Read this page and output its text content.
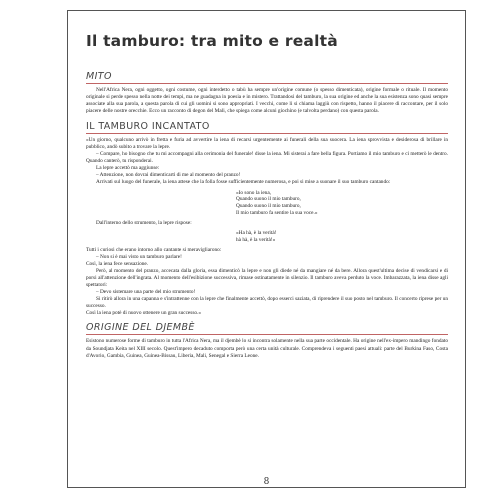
Il tamburo: tra mito e realtà
MITO

Nell'Africa Nera, ogni oggetto, ogni costume, ogni interdetto o tabù ha sempre un'origine comune (o spesso dimenticata), origine formale o rituale. Il momento originale si perde spesso nella notte dei tempi, ma ne guadagna in poesia e in mistero. Trattandosi del tamburo, la sua origine ed anche la sua esistenza sono quasi sempre associate alla sua parola, a questa parola di cui gli uomini si sono appropriati. I vecchi, come li si chiama laggiù con rispetto, hanno il piacere di raccontare, per il solo piacere delle nostre orecchie. Ecco un racconto di degon del Mali, che spiega come alcuni giochino (e talvolta perdano) con questa parola.

IL TAMBURO INCANTATO

«Un giorno, qualcuno arrivò in fretta e furia ad avvertire la iena di recarsi urgentemente ai funerali della sua suocera. La iena sprovvista e desiderosa di brillare in pubblico, andò subito a trovare la lepre.

– Compare, ho bisogno che tu mi accompagni alla cerimonia del funerale! disse la iena. Mi sisterai a fare bella figura. Portiamo il mio tamburo e ci metterò le dentro. Quando canterò, tu risponderai.

La lepre accettò ma aggiunse:

– Attenzione, non dovrai dimenticarti di me al momento del pranzo!

Arrivati sul luogo del funerale, la iena attese che la folla fosse sufficientemente numerosa, e poi si mise a suonare il suo tamburo cantando:

«Io sono la iena,
Quando suono il mio tamburo,
Quando suono il mio tamburo,
Il mio tamburo fa sentire la sua voce.»

Dall'interno dello strumento, la lepre rispose:

«Ha hà, è la verità!
hà hà, è la verità!»

Tutti i curiosi che erano intorno allo cantante si meravigliarono:

– Non si è mai visto un tamburo parlare!

Così, la iena fece sensazione.

Però, al momento del pranzo, accecata dalla gloria, essa dimenticò la lepre e non gli diede né da mangiare né da bere. Allora quest'ultima decise di vendicarsi e di porsi all'attenzione dell'ingrata. Al momento dell'esibizione successiva, rimase ostinatamente in silenzio. Il tamburo aveva perduto la voce. Imbarazzata, la iena disse agli spettatori:

– Devo sistemare una parte del mio strumento!

Si ritirò allora in una capanna e s'intrattenne con la lepre che finalmente accettò, dopo esserci saziata, di riprendere il suo posto nel tamburo. Il concerto riprese per un successo.

Così la iena potè di nuovo ottenere un gran successo.»

ORIGINE DEL DJEMBÈ

Esistono numerose forme di tamburo in tutta l'Africa Nera, ma il djembè lo si incontra solamente nella sua parte occidentale. Ha origine nell'ex-impero mandingo fondato da Soundjata Keita nel XIII secolo. Quest'impero decaduto comporta però una certa unità culturale. Comprendeva i seguenti paesi attuali: parte del Burkina Faso, Costa d'Avorio, Gambia, Guinea, Guinea-Bissau, Liberia, Mali, Senegal e Sierra Leone.

8
